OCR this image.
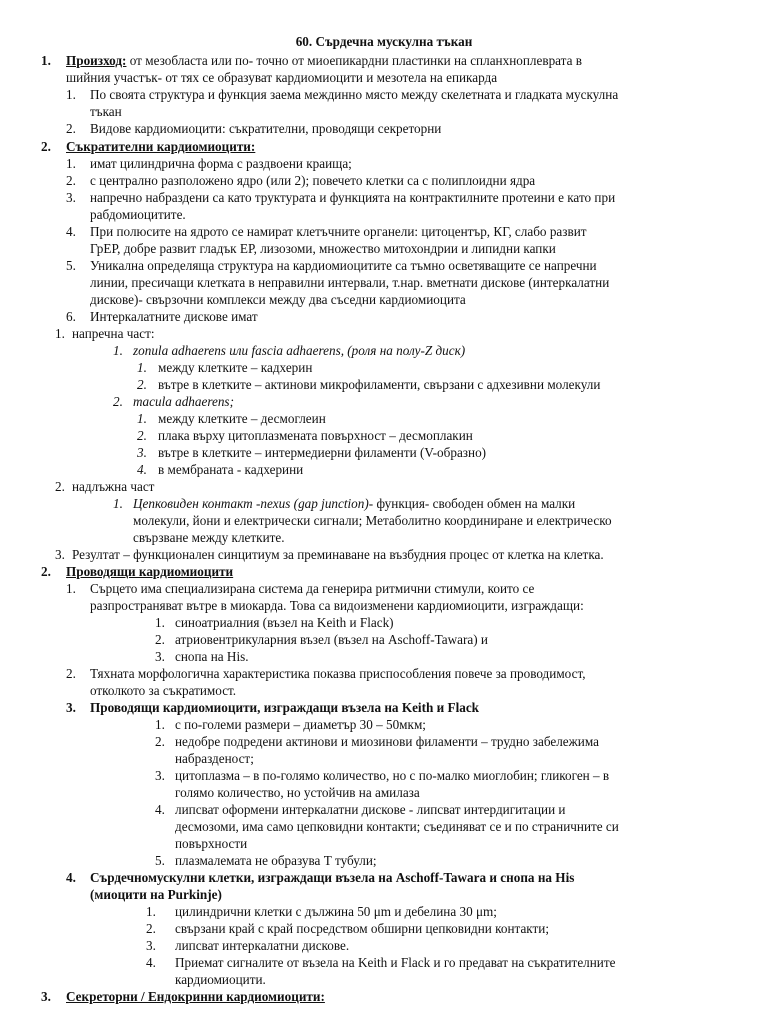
60. Сърдечна мускулна тъкан
1. Произход: от мезобласта или по- точно от миоепикардни пластинки на спланхноплеврата в
шийния участък- от тях се образуват кардиомиоцити и мезотела на епикарда
1. По своята структура и функция заема междинно място между скелетната и гладката мускулна
тъкан
2. Видове кардиомиоцити: съкратителни, проводящи секреторни
2. Съкратителни кардиомиоцити:
1. имат цилиндрична форма с раздвоени краища;
2. с централно разположено ядро (или 2); повечето клетки са с полиплоидни ядра
3. напречно набраздени са като труктурата и функцията на контрактилните протеини е като при
рабдомиоцитите.
4. При полюсите на ядрото се намират клетъчните органели: цитоцентър, КГ, слабо развит
ГрЕР, добре развит гладък ЕР, лизозоми, множество митохондрии и липидни капки
5. Уникална определяща структура на кардиомиоцитите са тъмно осветяващите се напречни
линии, пресичащи клетката в неправилни интервали, т.нар. вметнати дискове (интеркалатни
дискове)- свързочни комплекси между два съседни кардиомиоцита
6. Интеркалатните дискове имат
1. напречна част:
1. zonula adhaerens или fascia adhaerens, (роля на полу-Z диск)
1. между клетките – кадхерин
2. вътре в клетките – актинови микрофиламенти, свързани с адхезивни молекули
2. macula adhaerens;
1. между клетките – десмоглеин
2. плака върху цитоплазмената повърхност – десмоплакин
3. вътре в клетките – интермедиерни филаменти (V-образно)
4. в мембраната - кадхерини
2. надлъжна част
1. Цепковиден контакт -nexus (gap junction)- функция- свободен обмен на малки
молекули, йони и електрически сигнали; Метаболитно координиране и електрическо
свързване между клетките.
3. Резултат – функционален синцитиум за преминаване на възбудния процес от клетка на клетка.
2. Проводящи кардиомиоцити
1. Сърцето има специализирана система да генерира ритмични стимули, които се
разпространяват вътре в миокарда. Това са видоизменени кардиомиоцити, изграждащи:
1. синоатриалния (възел на Keith и Flack)
2. атриовентрикуларния възел (възел на Aschoff-Tawara) и
3. снопа на His.
2. Тяхната морфологична характеристика показва приспособления повече за проводимост,
отколкото за съкратимост.
3. Проводящи кардиомиоцити, изграждащи възела на Keith и Flack
1. с по-големи размери – диаметър 30 – 50мкм;
2. недобре подредени актинови и миозинови филаменти – трудно забележима
набразденост;
3. цитоплазма – в по-голямо количество, но с по-малко миоглобин; гликоген – в
голямо количество, но устойчив на амилаза
4. липсват оформени интеркалатни дискове - липсват интердигитации и
десмозоми, има само цепковидни контакти; съединяват се и по страничните си
повърхности
5. плазмалемата не образува Т тубули;
4. Сърдечномускулни клетки, изграждащи възела на Aschoff-Tawara и снопа на His
(миоцити на Purkinje)
1. цилиндрични клетки с дължина 50 μm и дебелина 30 μm;
2. свързани край с край посредством обширни цепковидни контакти;
3. липсват интеркалатни дискове.
4. Приемат сигналите от възела на Keith и Flack и го предават на съкратителните
кардиомиоцити.
3. Секреторни / Ендокринни кардиомиоцити:
